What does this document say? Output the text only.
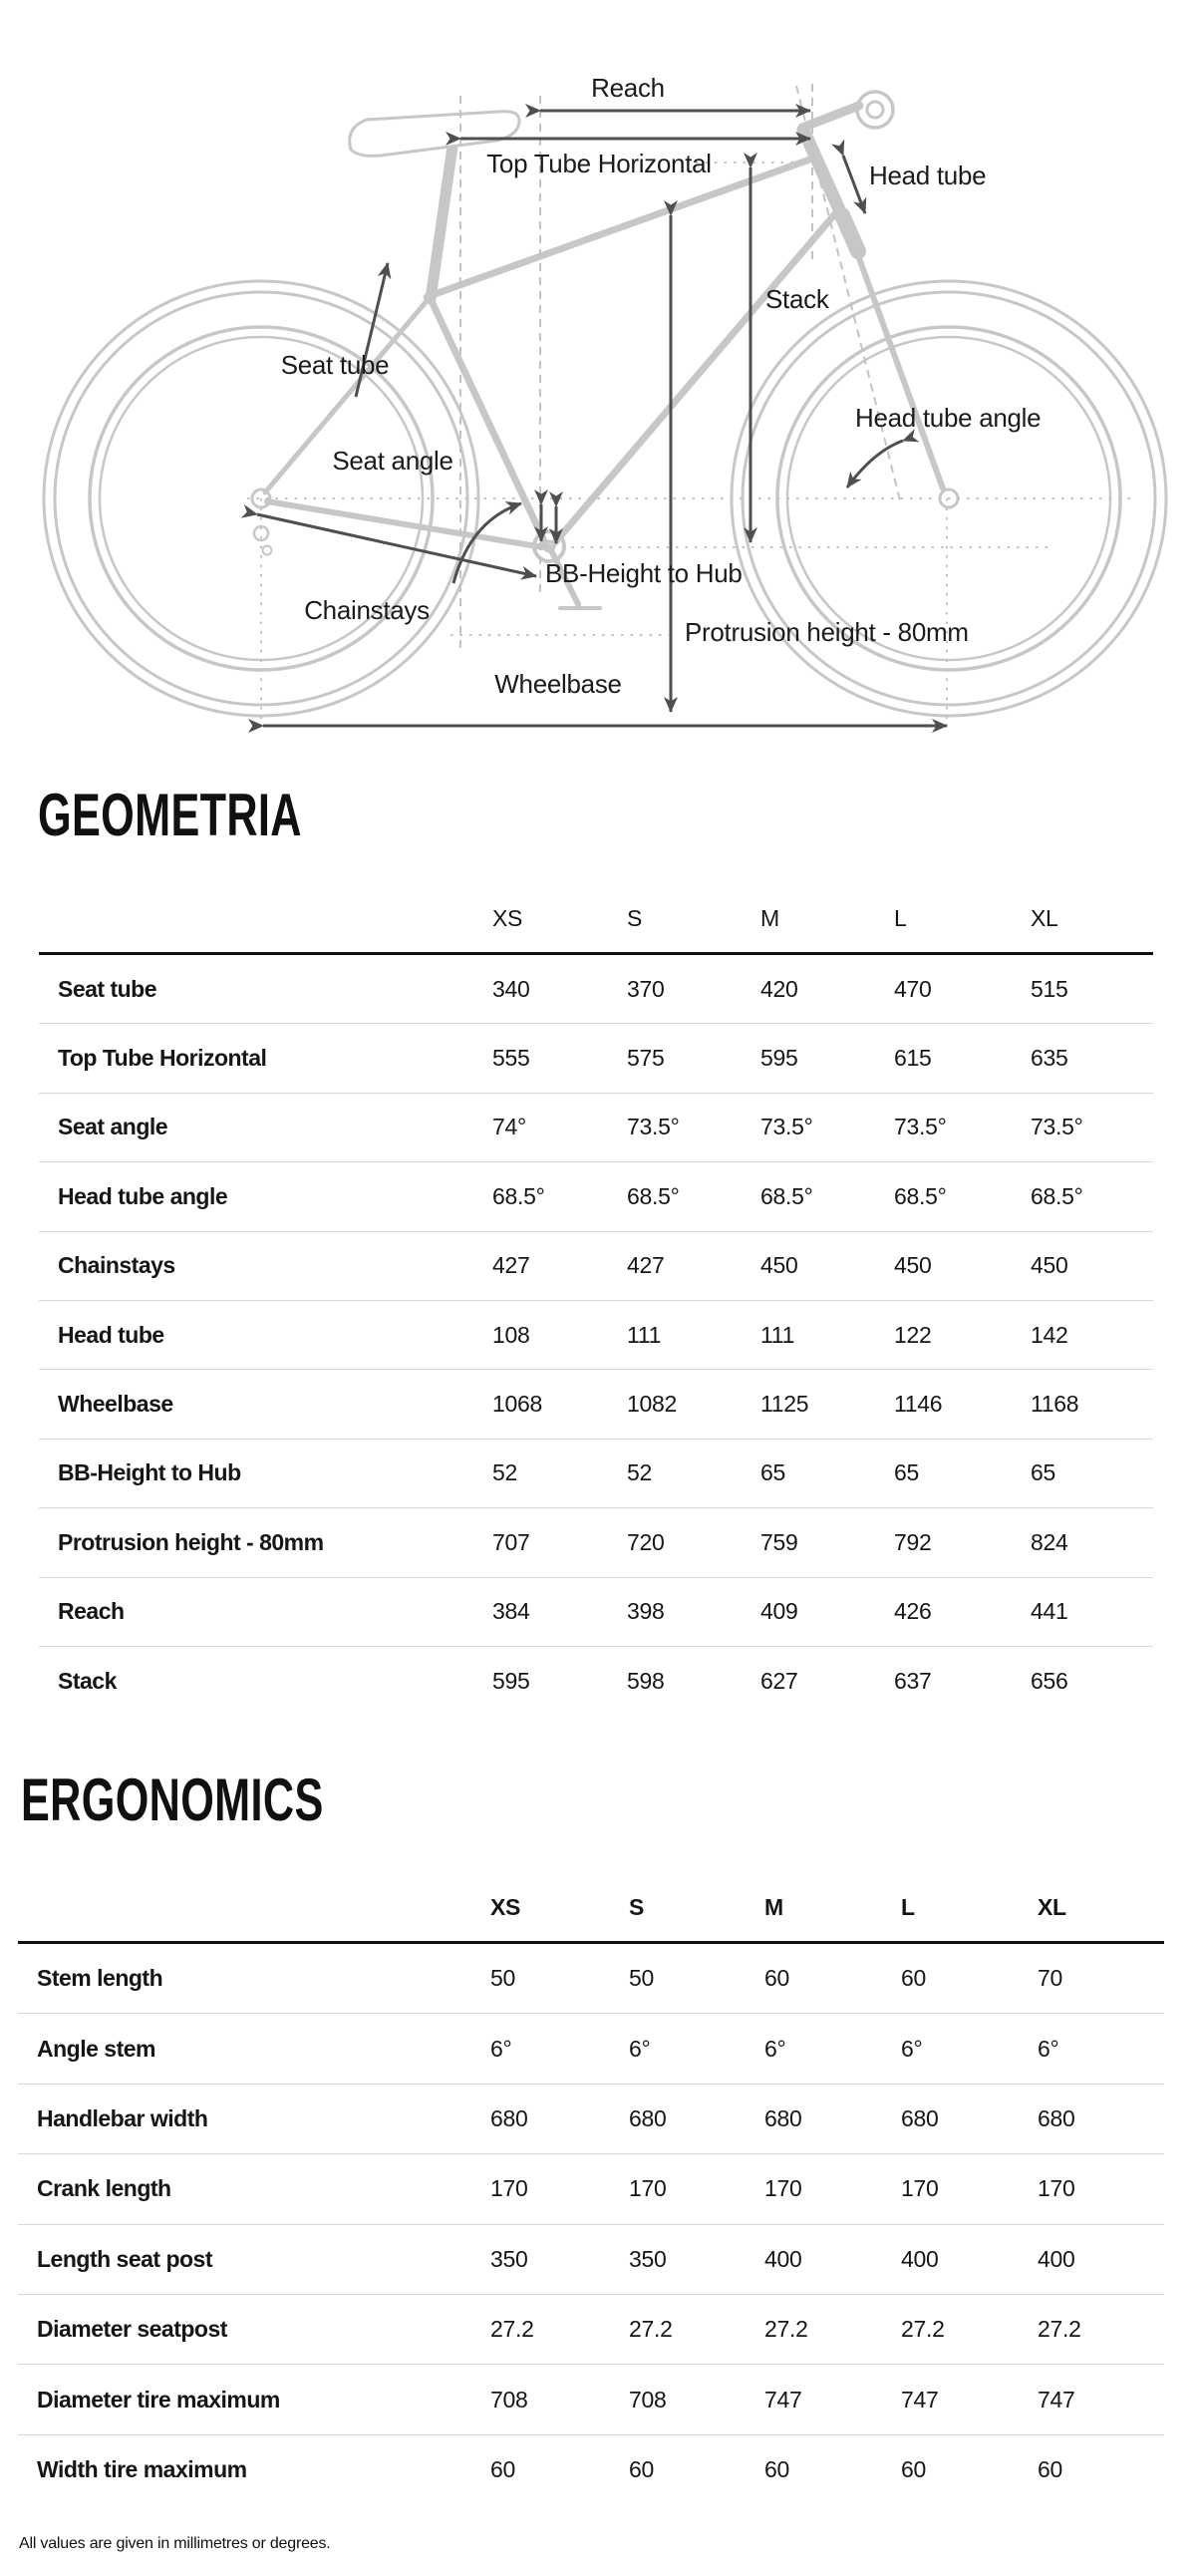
Reach
Top Tube Horizontal	Head tube
Stack
Seat tube
Seat angle
Head tube angle
Chainstays
BB-Height to Hub
Protrusion height - 80mm
Wheelbase
GEOMETRIA
XS	S	M	L	XL
Seat tube	340	370	420	470	515
Top Tube Horizontal	555	575	595	615	635
Seat angle	74°	73.5°	73.5°	73.5°	73.5°
Head tube angle	68.5°	68.5°	68.5°	68.5°	68.5°
Chainstays	427	427	450	450	450
Head tube	108	111	111	122	142
Wheelbase	1068	1082	1125	1146	1168
BB-Height to Hub	52	52	65	65	65
Protrusion height - 80mm	707	720	759	792	824
Reach	384	398	409	426	441
Stack	595	598	627	637	656
ERGONOMICS
XS	S	M	L	XL
Stem length	50	50	60	60	70
Angle stem	6°	6°	6°	6°	6°
Handlebar width	680	680	680	680	680
Crank length	170	170	170	170	170
Length seat post	350	350	400	400	400
Diameter seatpost	27.2	27.2	27.2	27.2	27.2
Diameter tire maximum	708	708	747	747	747
Width tire maximum	60	60	60	60	60
All values are given in millimetres or degrees.
